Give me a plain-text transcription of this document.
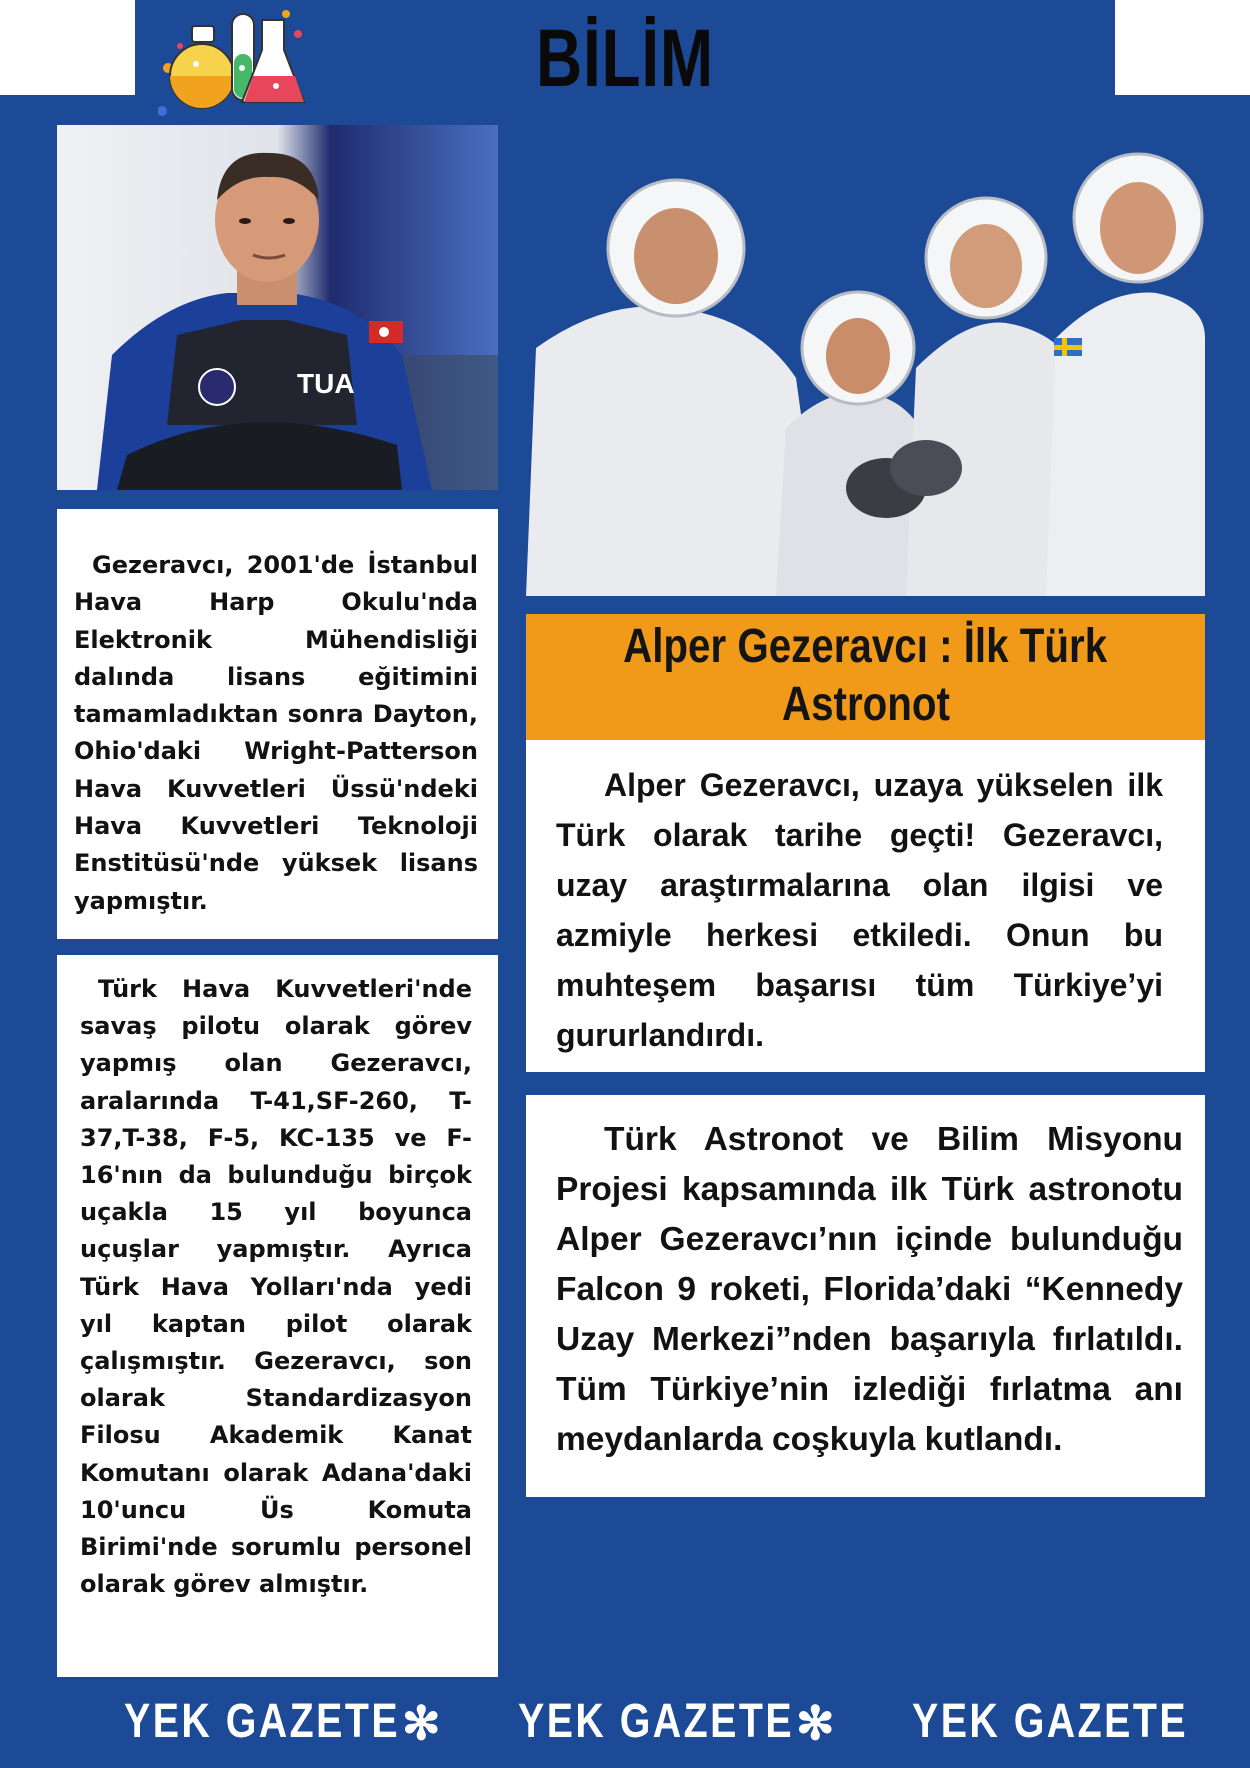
BİLİM
TUA

Gezeravcı, 2001'de İstanbul Hava Harp Okulu'nda Elektronik Mühendisliği dalında lisans eğitimini tamamladıktan sonra Dayton, Ohio'daki Wright-Patterson Hava Kuvvetleri Üssü'ndeki Hava Kuvvetleri Teknoloji Enstitüsü'nde yüksek lisans yapmıştır.

Türk Hava Kuvvetleri'nde savaş pilotu olarak görev yapmış olan Gezeravcı, aralarında T-41,SF-260, T-37,T-38, F-5, KC-135 ve F-16'nın da bulunduğu birçok uçakla 15 yıl boyunca uçuşlar yapmıştır. Ayrıca Türk Hava Yolları'nda yedi yıl kaptan pilot olarak çalışmıştır. Gezeravcı, son olarak Standardizasyon Filosu Akademik Kanat Komutanı olarak Adana'daki 10'uncu Üs Komuta Birimi'nde sorumlu personel olarak görev almıştır.

Alper Gezeravcı : İlk Türk
Astronot

Alper Gezeravcı, uzaya yükselen ilk Türk olarak tarihe geçti! Gezeravcı, uzay araştırmalarına olan ilgisi ve azmiyle herkesi etkiledi. Onun bu muhteşem başarısı tüm Türkiye’yi gururlandırdı.

Türk Astronot ve Bilim Misyonu Projesi kapsamında ilk Türk astronotu Alper Gezeravcı’nın içinde bulunduğu Falcon 9 roketi, Florida’daki “Kennedy Uzay Merkezi”nden başarıyla fırlatıldı. Tüm Türkiye’nin izlediği fırlatma anı meydanlarda coşkuyla kutlandı.

YEK GAZETE ✻ YEK GAZETE ✻ YEK GAZETE
